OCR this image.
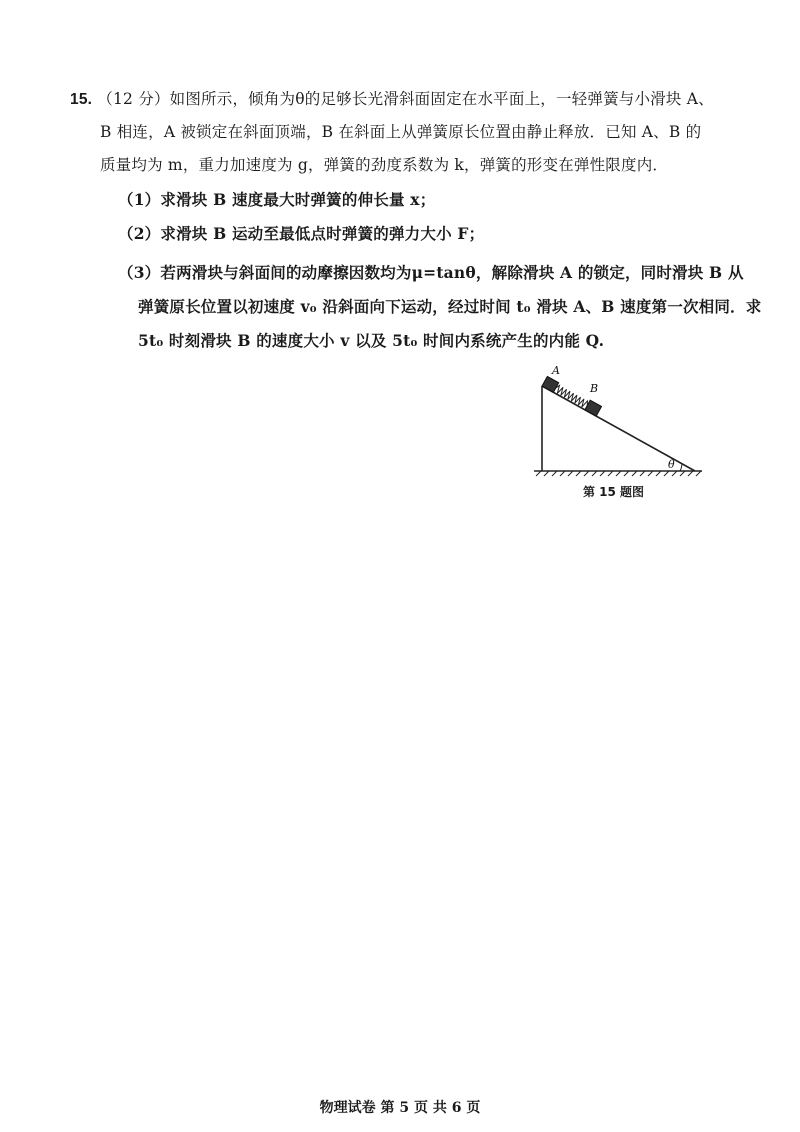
15. （12 分）如图所示，倾角为θ的足够长光滑斜面固定在水平面上，一轻弹簧与小滑块 A、
B 相连，A 被锁定在斜面顶端，B 在斜面上从弹簧原长位置由静止释放．已知 A、B 的
质量均为 m，重力加速度为 g，弹簧的劲度系数为 k，弹簧的形变在弹性限度内．
（1）求滑块 B 速度最大时弹簧的伸长量 x；
（2）求滑块 B 运动至最低点时弹簧的弹力大小 F；
（3）若两滑块与斜面间的动摩擦因数均为μ=tanθ，解除滑块 A 的锁定，同时滑块 B 从
弹簧原长位置以初速度 v₀ 沿斜面向下运动，经过时间 t₀ 滑块 A、B 速度第一次相同．求
5t₀ 时刻滑块 B 的速度大小 v 以及 5t₀ 时间内系统产生的内能 Q.
A
B
θ
第 15 题图
物理试卷 第 5 页 共 6 页
